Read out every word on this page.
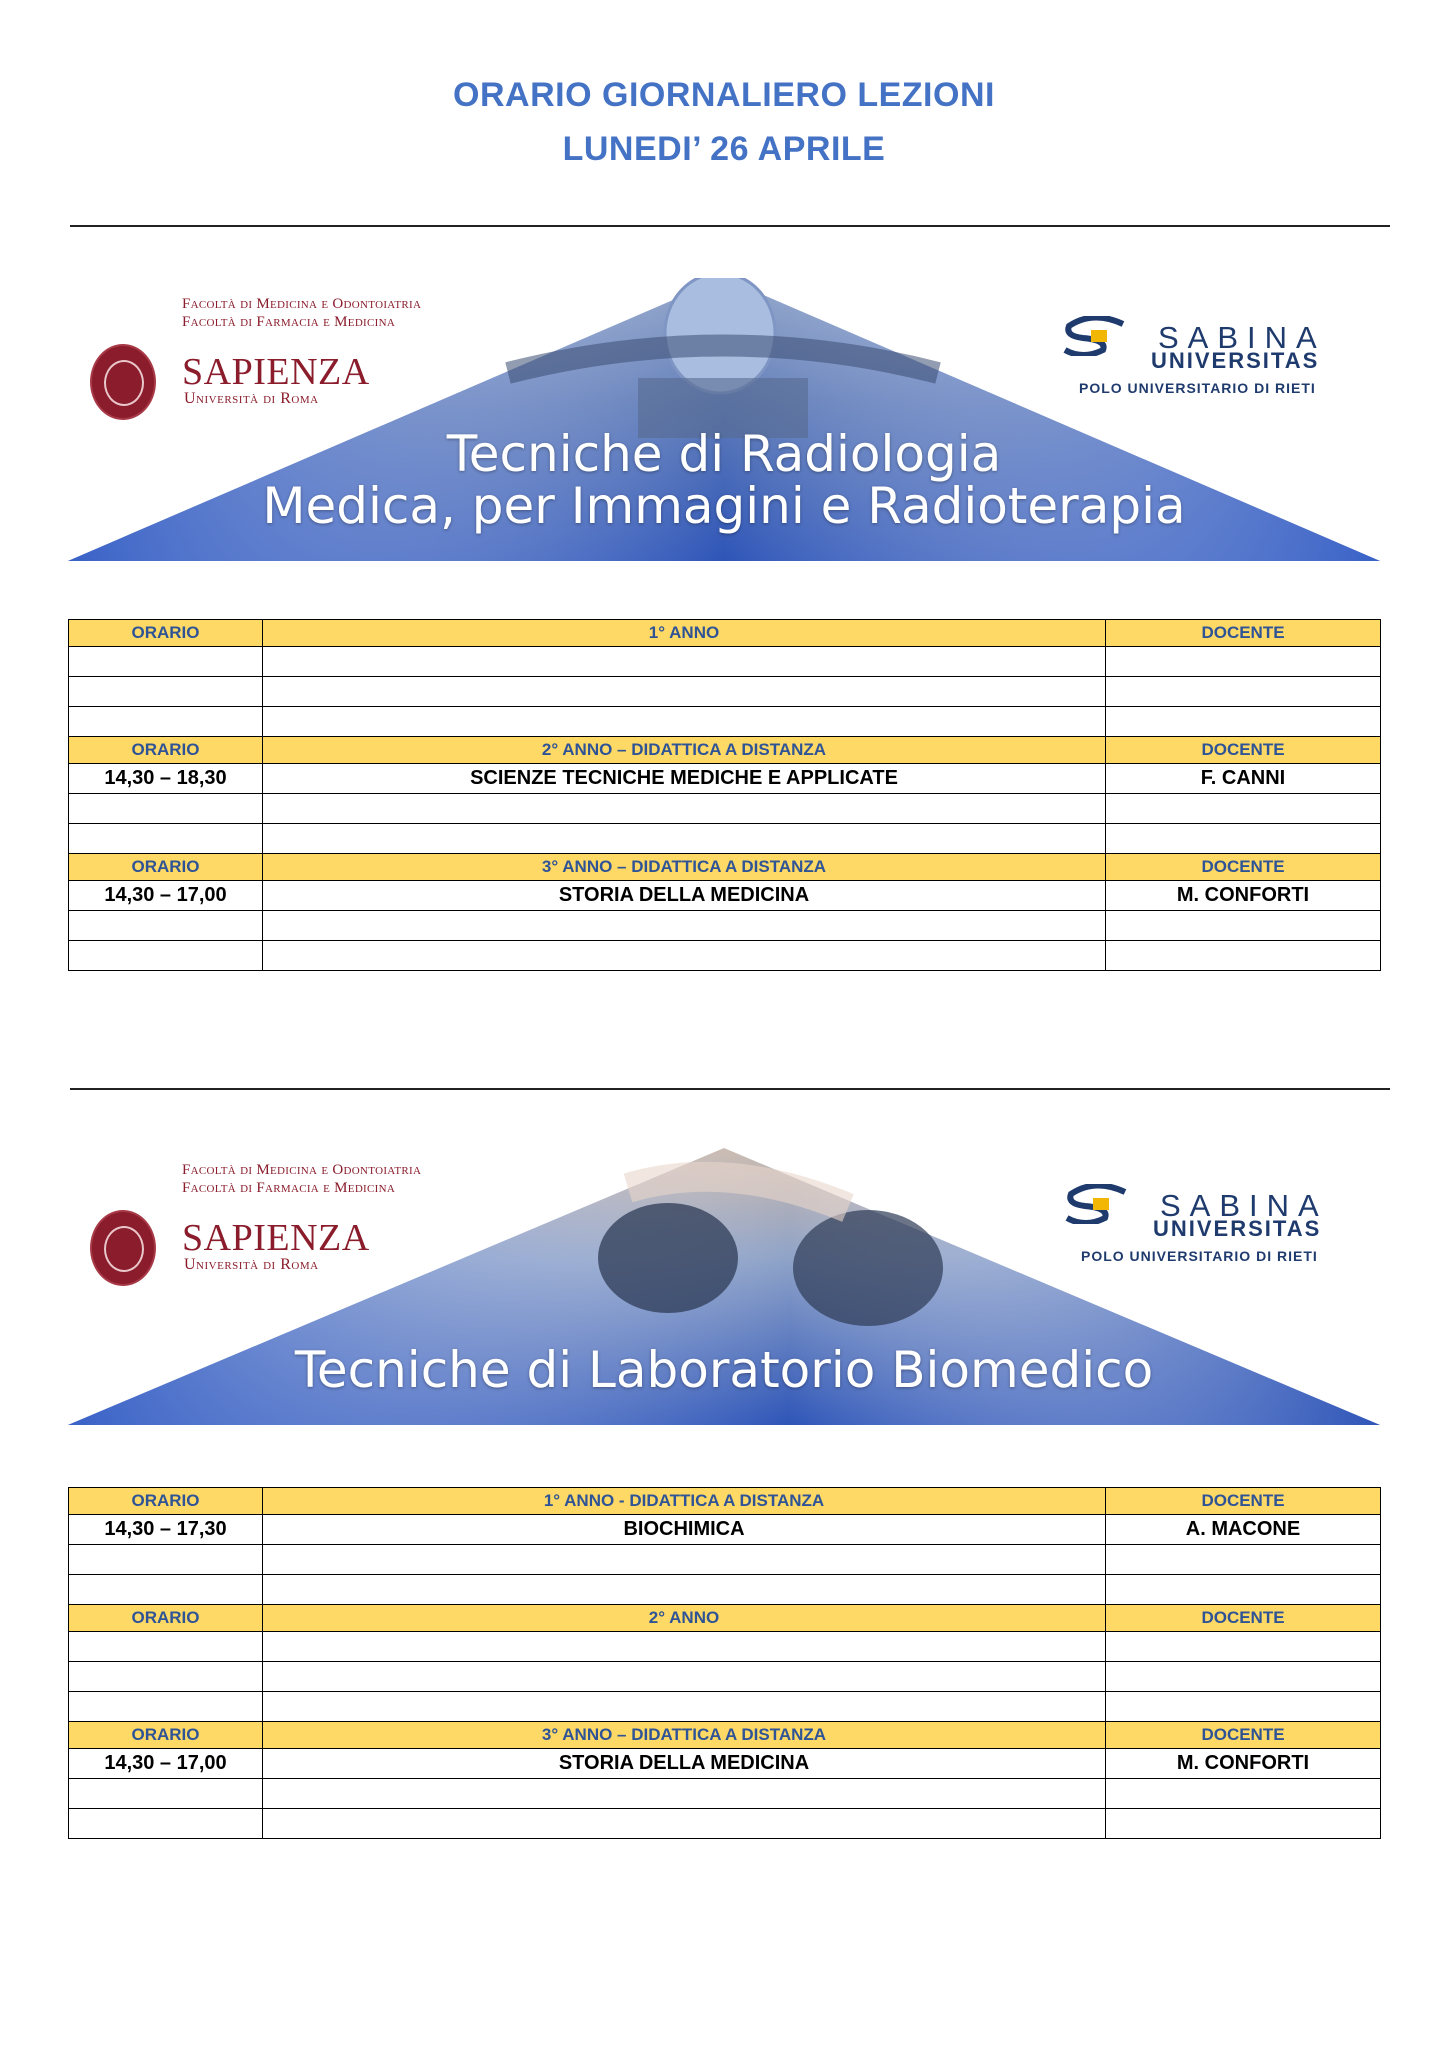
ORARIO GIORNALIERO LEZIONI
LUNEDI’ 26 APRILE
Facoltà di Medicina e Odontoiatria
Facoltà di Farmacia e Medicina
SAPIENZA
Università di Roma
SABINA
UNIVERSITAS
POLO UNIVERSITARIO DI RIETI
Tecniche di Radiologia
Medica, per Immagini e Radioterapia
ORARIO	1° ANNO	DOCENTE

ORARIO	2° ANNO – DIDATTICA A DISTANZA	DOCENTE
14,30 – 18,30	SCIENZE TECNICHE MEDICHE E APPLICATE	F. CANNI

ORARIO	3° ANNO – DIDATTICA A DISTANZA	DOCENTE
14,30 – 17,00	STORIA DELLA MEDICINA	M. CONFORTI

Facoltà di Medicina e Odontoiatria
Facoltà di Farmacia e Medicina
SAPIENZA
Università di Roma
SABINA
UNIVERSITAS
POLO UNIVERSITARIO DI RIETI
Tecniche di Laboratorio Biomedico
ORARIO	1° ANNO - DIDATTICA A DISTANZA	DOCENTE
14,30 – 17,30	BIOCHIMICA	A. MACONE

ORARIO	2° ANNO	DOCENTE

ORARIO	3° ANNO – DIDATTICA A DISTANZA	DOCENTE
14,30 – 17,00	STORIA DELLA MEDICINA	M. CONFORTI
